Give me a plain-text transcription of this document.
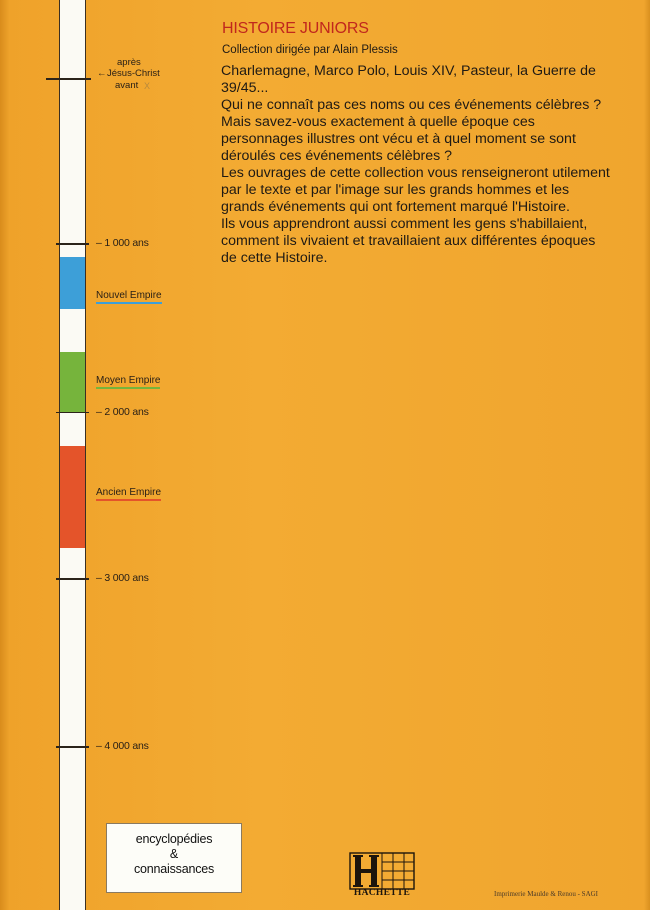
après
← Jésus-Christ
avant X
– 1 000 ans
– 2 000 ans
– 3 000 ans
– 4 000 ans
Nouvel Empire
Moyen Empire
Ancien Empire
HISTOIRE JUNIORS
Collection dirigée par Alain Plessis

Charlemagne, Marco Polo, Louis XIV, Pasteur, la Guerre de 39/45...

Qui ne connaît pas ces noms ou ces événements célèbres ?

Mais savez-vous exactement à quelle époque ces personnages illustres ont vécu et à quel moment se sont déroulés ces événements célèbres ?

Les ouvrages de cette collection vous renseigneront utilement par le texte et par l'image sur les grands hommes et les grands événements qui ont fortement marqué l'Histoire.

Ils vous apprendront aussi comment les gens s'habillaient, comment ils vivaient et travaillaient aux différentes époques de cette Histoire.

encyclopédies
&
connaissances
HACHETTE	Imprimerie Maulde & Renou - SAGI
